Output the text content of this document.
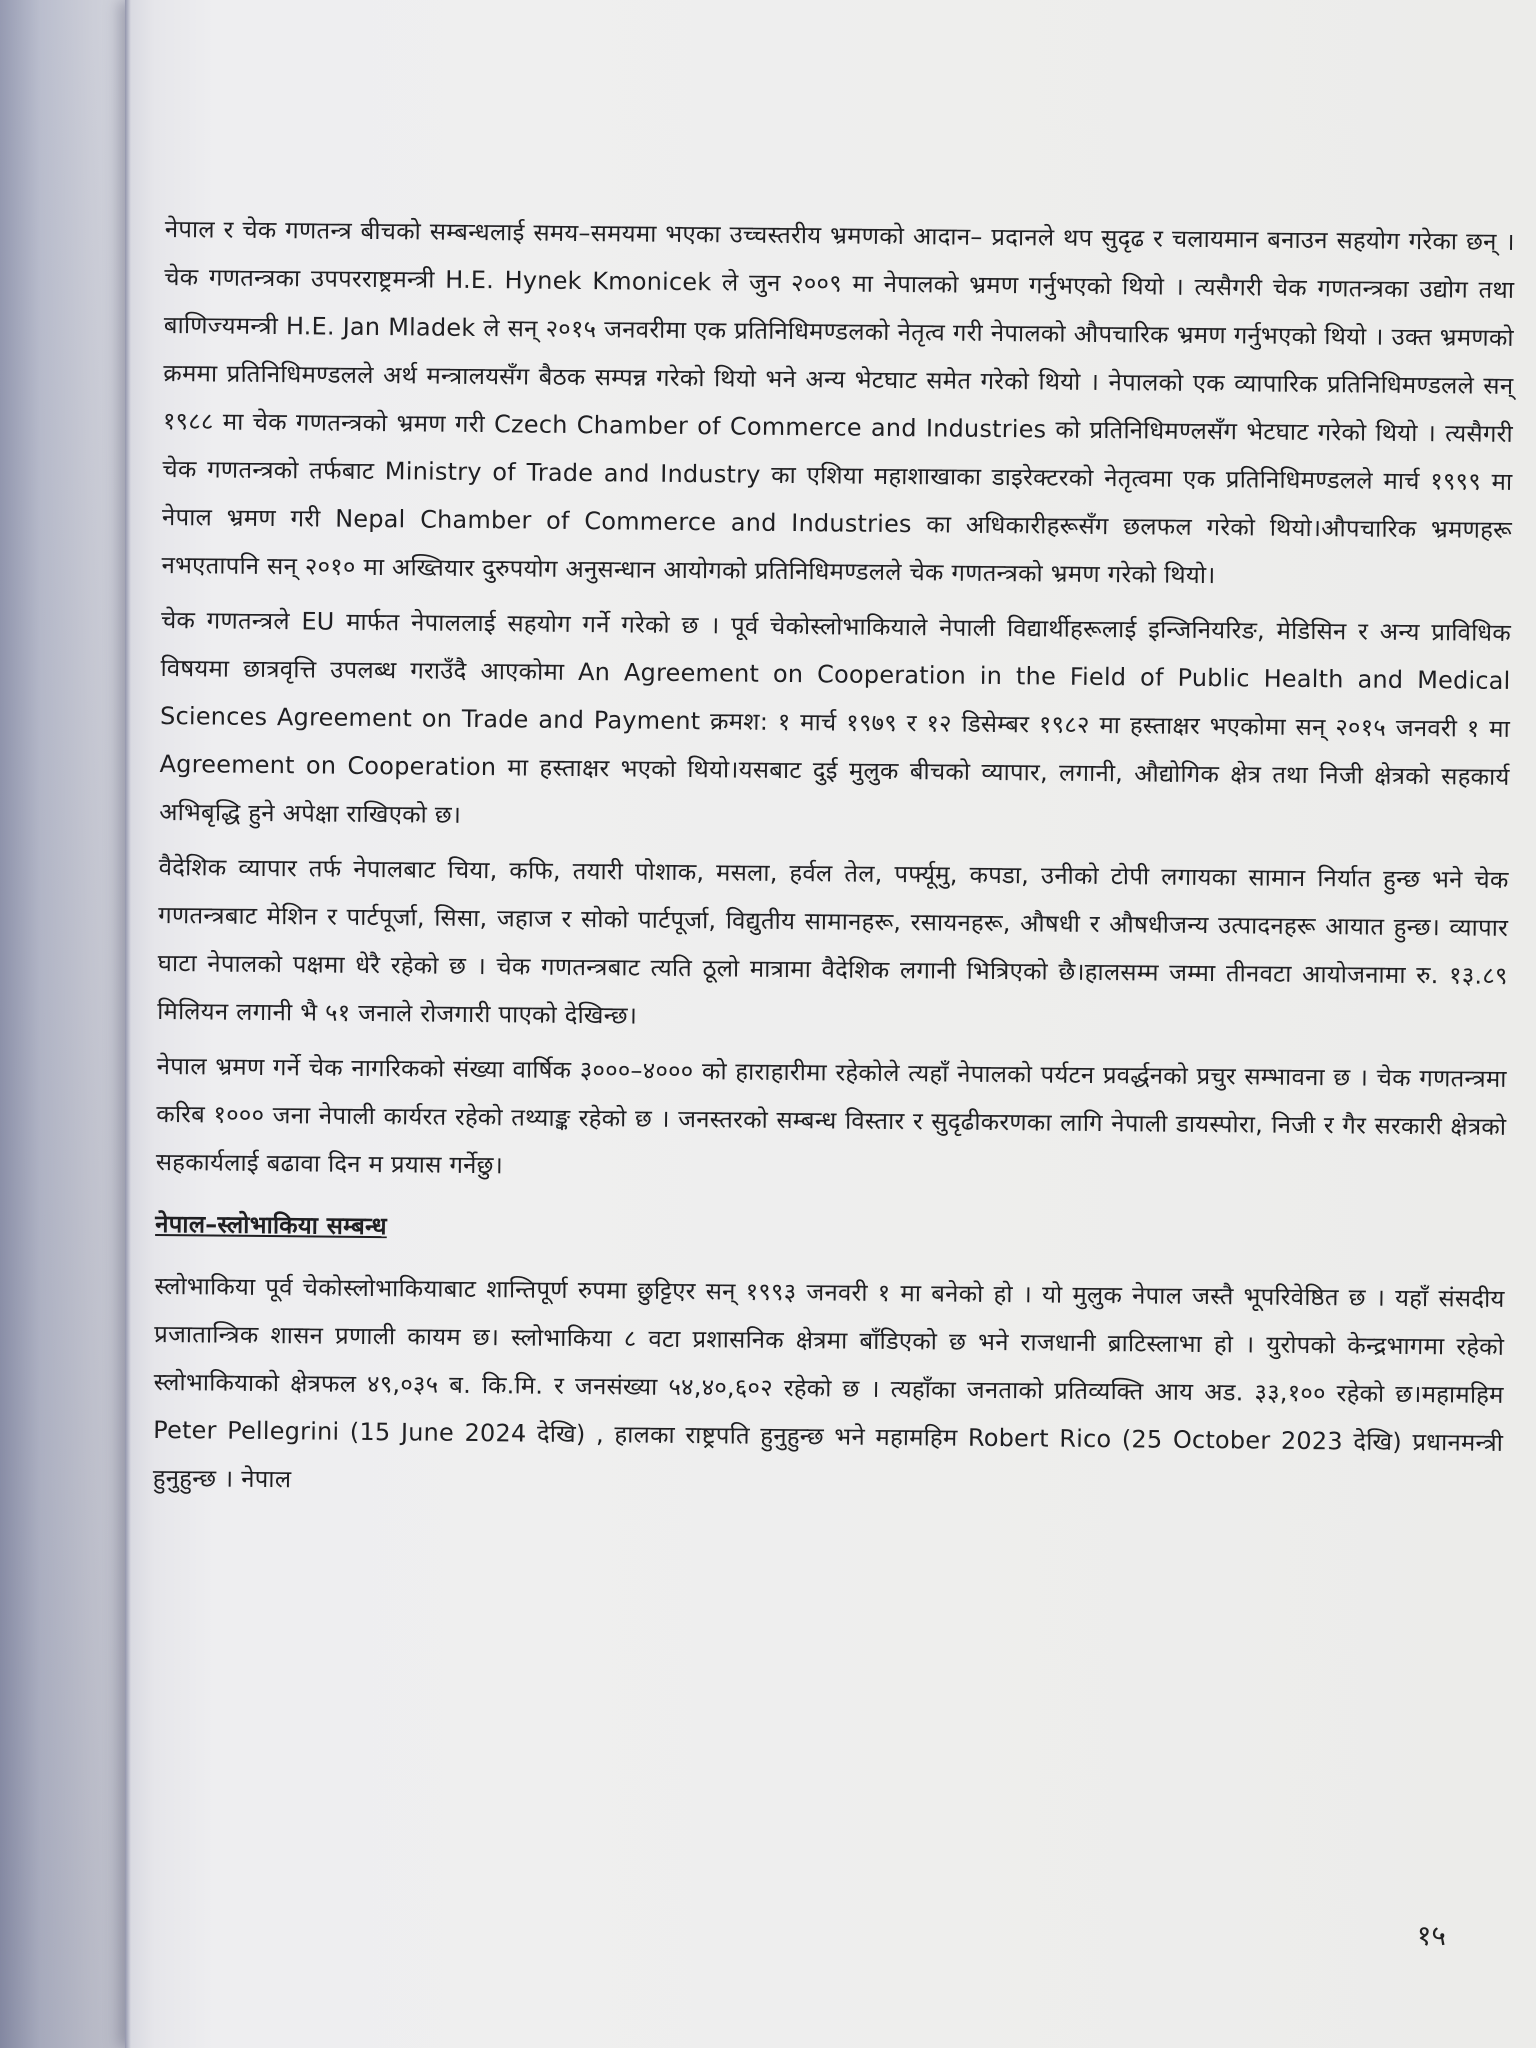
नेपाल र चेक गणतन्त्र बीचको सम्बन्धलाई समय–समयमा भएका उच्चस्तरीय भ्रमणको आदान– प्रदानले थप सुदृढ र चलायमान बनाउन सहयोग गरेका छन् । चेक गणतन्त्रका उपपरराष्ट्रमन्त्री H.E. Hynek Kmonicek ले जुन २००९ मा नेपालको भ्रमण गर्नुभएको थियो । त्यसैगरी चेक गणतन्त्रका उद्योग तथा बाणिज्यमन्त्री H.E. Jan Mladek ले सन् २०१५ जनवरीमा एक प्रतिनिधिमण्डलको नेतृत्व गरी नेपालको औपचारिक भ्रमण गर्नुभएको थियो । उक्त भ्रमणको क्रममा प्रतिनिधिमण्डलले अर्थ मन्त्रालयसँग बैठक सम्पन्न गरेको थियो भने अन्य भेटघाट समेत गरेको थियो । नेपालको एक व्यापारिक प्रतिनिधिमण्डलले सन् १९८८ मा चेक गणतन्त्रको भ्रमण गरी Czech Chamber of Commerce and Industries को प्रतिनिधिमण्लसँग भेटघाट गरेको थियो । त्यसैगरी चेक गणतन्त्रको तर्फबाट Ministry of Trade and Industry का एशिया महाशाखाका डाइरेक्टरको नेतृत्वमा एक प्रतिनिधिमण्डलले मार्च १९९९ मा नेपाल भ्रमण गरी Nepal Chamber of Commerce and Industries का अधिकारीहरूसँग छलफल गरेको थियो।औपचारिक भ्रमणहरू नभएतापनि सन् २०१० मा अख्तियार दुरुपयोग अनुसन्धान आयोगको प्रतिनिधिमण्डलले चेक गणतन्त्रको भ्रमण गरेको थियो।

चेक गणतन्त्रले EU मार्फत नेपाललाई सहयोग गर्ने गरेको छ । पूर्व चेकोस्लोभाकियाले नेपाली विद्यार्थीहरूलाई इन्जिनियरिङ, मेडिसिन र अन्य प्राविधिक विषयमा छात्रवृत्ति उपलब्ध गराउँदै आएकोमा An Agreement on Cooperation in the Field of Public Health and Medical Sciences Agreement on Trade and Payment क्रमश: १ मार्च १९७९ र १२ डिसेम्बर १९८२ मा हस्ताक्षर भएकोमा सन् २०१५ जनवरी १ मा Agreement on Cooperation मा हस्ताक्षर भएको थियो।यसबाट दुई मुलुक बीचको व्यापार, लगानी, औद्योगिक क्षेत्र तथा निजी क्षेत्रको सहकार्य अभिबृद्धि हुने अपेक्षा राखिएको छ।

वैदेशिक व्यापार तर्फ नेपालबाट चिया, कफि, तयारी पोशाक, मसला, हर्वल तेल, पर्फ्यूमु, कपडा, उनीको टोपी लगायका सामान निर्यात हुन्छ भने चेक गणतन्त्रबाट मेशिन र पार्टपूर्जा, सिसा, जहाज र सोको पार्टपूर्जा, विद्युतीय सामानहरू, रसायनहरू, औषधी र औषधीजन्य उत्पादनहरू आयात हुन्छ। व्यापार घाटा नेपालको पक्षमा धेरै रहेको छ । चेक गणतन्त्रबाट त्यति ठूलो मात्रामा वैदेशिक लगानी भित्रिएको छै।हालसम्म जम्मा तीनवटा आयोजनामा रु. १३.८९ मिलियन लगानी भै ५१ जनाले रोजगारी पाएको देखिन्छ।

नेपाल भ्रमण गर्ने चेक नागरिकको संख्या वार्षिक ३०००–४००० को हाराहारीमा रहेकोले त्यहाँ नेपालको पर्यटन प्रवर्द्धनको प्रचुर सम्भावना छ । चेक गणतन्त्रमा करिब १००० जना नेपाली कार्यरत रहेको तथ्याङ्क रहेको छ । जनस्तरको सम्बन्ध विस्तार र सुदृढीकरणका लागि नेपाली डायस्पोरा, निजी र गैर सरकारी क्षेत्रको सहकार्यलाई बढावा दिन म प्रयास गर्नेछु।

नेपाल–स्लोभाकिया सम्बन्ध

स्लोभाकिया पूर्व चेकोस्लोभाकियाबाट शान्तिपूर्ण रुपमा छुट्टिएर सन् १९९३ जनवरी १ मा बनेको हो । यो मुलुक नेपाल जस्तै भूपरिवेष्ठित छ । यहाँ संसदीय प्रजातान्त्रिक शासन प्रणाली कायम छ। स्लोभाकिया ८ वटा प्रशासनिक क्षेत्रमा बाँडिएको छ भने राजधानी ब्राटिस्लाभा हो । युरोपको केन्द्रभागमा रहेको स्लोभाकियाको क्षेत्रफल ४९,०३५ ब. कि.मि. र जनसंख्या ५४,४०,६०२ रहेको छ । त्यहाँका जनताको प्रतिव्यक्ति आय अड. ३३,१०० रहेको छ।महामहिम Peter Pellegrini (15 June 2024 देखि) , हालका राष्ट्रपति हुनुहुन्छ भने महामहिम Robert Rico (25 October 2023 देखि) प्रधानमन्त्री हुनुहुन्छ । नेपाल

१५
